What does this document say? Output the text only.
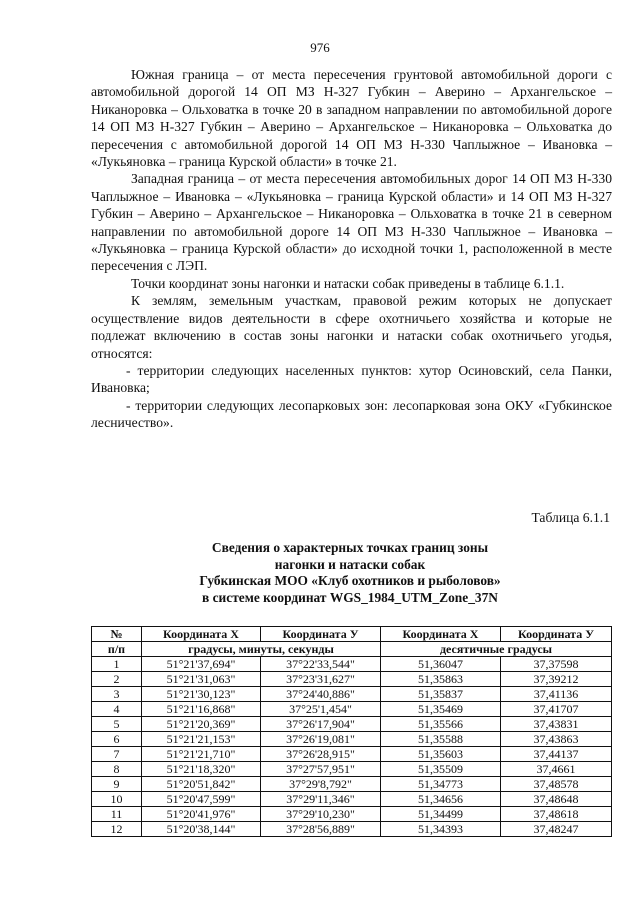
976

Южная граница – от места пересечения грунтовой автомобильной дороги с автомобильной дорогой 14 ОП МЗ Н-327 Губкин – Аверино – Архангельское – Никаноровка – Ольховатка в точке 20 в западном направлении по автомобильной дороге 14 ОП МЗ Н-327 Губкин – Аверино – Архангельское – Никаноровка – Ольховатка до пересечения с автомобильной дорогой 14 ОП МЗ Н-330 Чаплыжное – Ивановка – «Лукьяновка – граница Курской области» в точке 21.

Западная граница – от места пересечения автомобильных дорог 14 ОП МЗ Н-330 Чаплыжное – Ивановка – «Лукьяновка – граница Курской области» и 14 ОП МЗ Н-327 Губкин – Аверино – Архангельское – Никаноровка – Ольховатка в точке 21 в северном направлении по автомобильной дороге 14 ОП МЗ Н-330 Чаплыжное – Ивановка – «Лукьяновка – граница Курской области» до исходной точки 1, расположенной в месте пересечения с ЛЭП.

Точки координат зоны нагонки и натаски собак приведены в таблице 6.1.1.

К землям, земельным участкам, правовой режим которых не допускает осуществление видов деятельности в сфере охотничьего хозяйства и которые не подлежат включению в состав зоны нагонки и натаски собак охотничьего угодья, относятся:

- территории следующих населенных пунктов: хутор Осиновский, села Панки, Ивановка;

- территории следующих лесопарковых зон: лесопарковая зона ОКУ «Губкинское лесничество».

Таблица 6.1.1
Сведения о характерных точках границ зоны
нагонки и натаски собак
Губкинская МОО «Клуб охотников и рыболовов»
в системе координат WGS_1984_UTM_Zone_37N
№	Координата Х	Координата У	Координата Х	Координата У
п/п	градусы, минуты, секунды		десятичные градусы	
1	51°21'37,694"	37°22'33,544"	51,36047	37,37598
2	51°21'31,063"	37°23'31,627"	51,35863	37,39212
3	51°21'30,123"	37°24'40,886"	51,35837	37,41136
4	51°21'16,868"	37°25'1,454"	51,35469	37,41707
5	51°21'20,369"	37°26'17,904"	51,35566	37,43831
6	51°21'21,153"	37°26'19,081"	51,35588	37,43863
7	51°21'21,710"	37°26'28,915"	51,35603	37,44137
8	51°21'18,320"	37°27'57,951"	51,35509	37,4661
9	51°20'51,842"	37°29'8,792"	51,34773	37,48578
10	51°20'47,599"	37°29'11,346"	51,34656	37,48648
11	51°20'41,976"	37°29'10,230"	51,34499	37,48618
12	51°20'38,144"	37°28'56,889"	51,34393	37,48247
